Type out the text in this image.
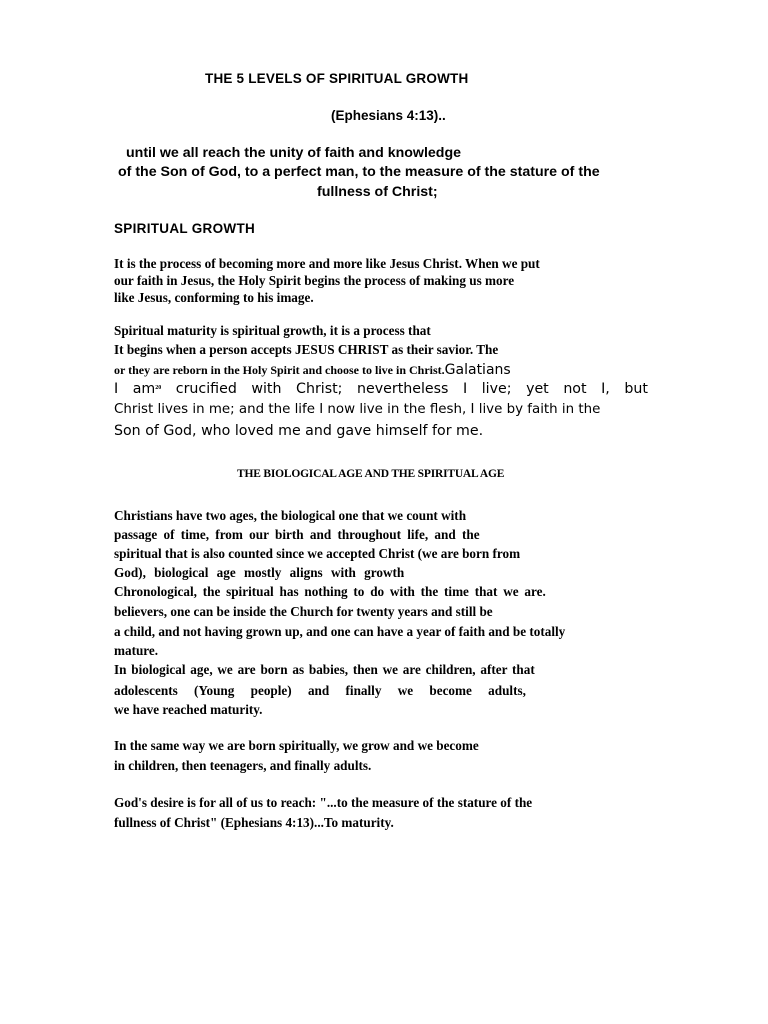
THE 5 LEVELS OF SPIRITUAL GROWTH

(Ephesians 4:13)..

until we all reach the unity of faith and knowledge

of the Son of God, to a perfect man, to the measure of the stature of the

fullness of Christ;

SPIRITUAL GROWTH

It is the process of becoming more and more like Jesus Christ. When we put

our faith in Jesus, the Holy Spirit begins the process of making us more

like Jesus, conforming to his image.

Spiritual maturity is spiritual growth, it is a process that

It begins when a person accepts JESUS CHRIST as their savior. The

or they are reborn in the Holy Spirit and choose to live in Christ.Galatians

I $am^{20}$ crucified with Christ; nevertheless I live; yet not I, but

Christ lives in me; and the life I now live in the flesh, I live by faith in the

Son of God, who loved me and gave himself for me.

THE BIOLOGICAL AGE AND THE SPIRITUAL AGE

Christians have two ages, the biological one that we count with

passage of time, from our birth and throughout life, and the

spiritual that is also counted since we accepted Christ (we are born from

God), biological age mostly aligns with growth

Chronological, the spiritual has nothing to do with the time that we are.

believers, one can be inside the Church for twenty years and still be

a child, and not having grown up, and one can have a year of faith and be totally

mature.

In biological age, we are born as babies, then we are children, after that

adolescents (Young people) and finally we become adults,

we have reached maturity.

In the same way we are born spiritually, we grow and we become

in children, then teenagers, and finally adults.

God's desire is for all of us to reach: "...to the measure of the stature of the

fullness of Christ" (Ephesians 4:13)...To maturity.
